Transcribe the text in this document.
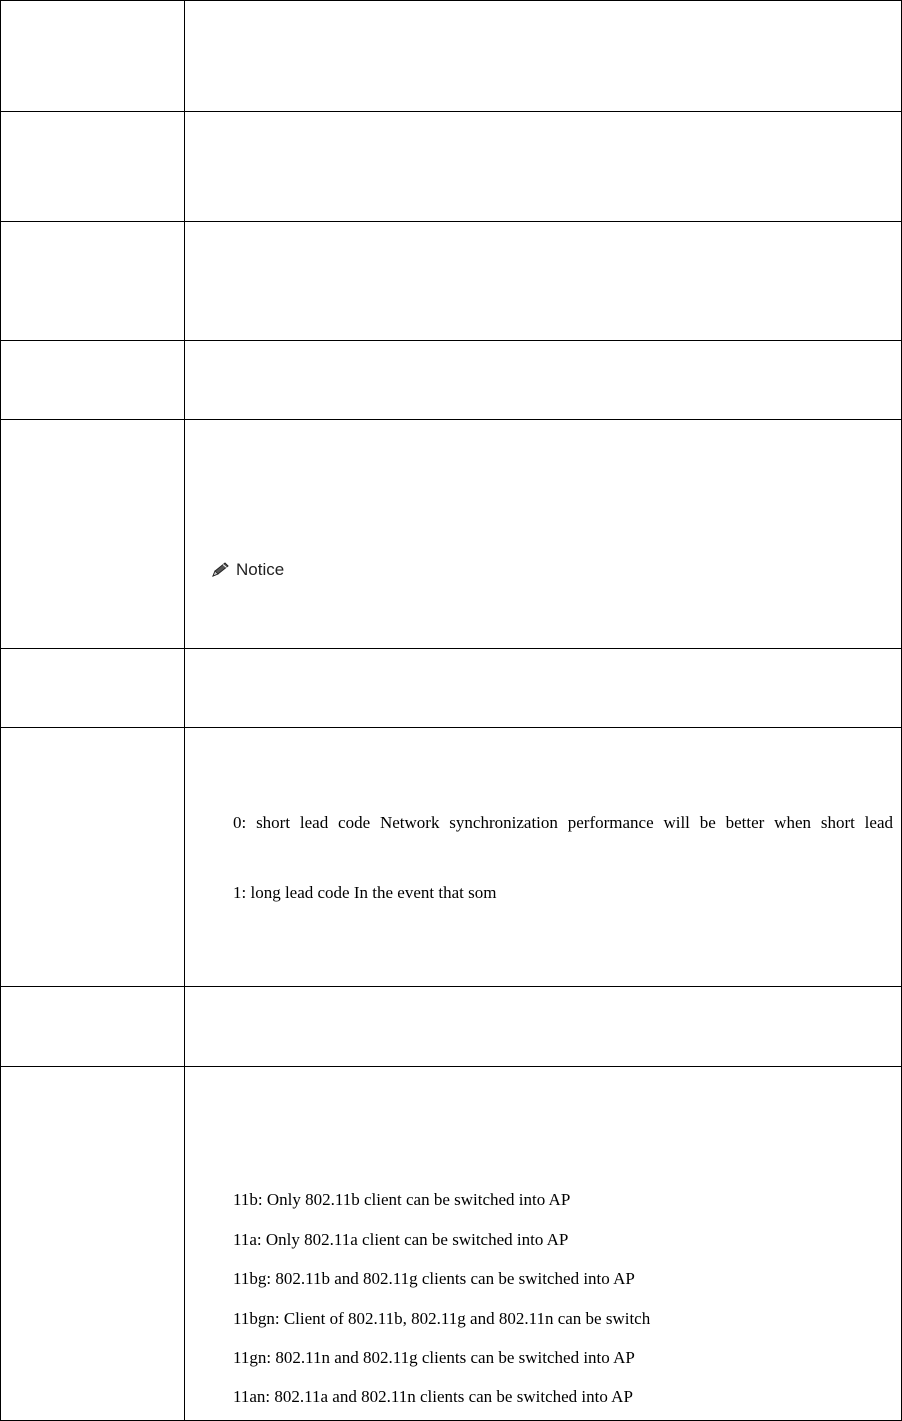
Notice
0: short lead code Network synchronization performance will be better when short lead
1: long lead code In the event that som
11b: Only 802.11b client can be switched into AP
11a: Only 802.11a client can be switched into AP
11bg: 802.11b and 802.11g clients can be switched into AP
11bgn: Client of 802.11b, 802.11g and 802.11n can be switch
11gn: 802.11n and 802.11g clients can be switched into AP
11an: 802.11a and 802.11n clients can be switched into AP
